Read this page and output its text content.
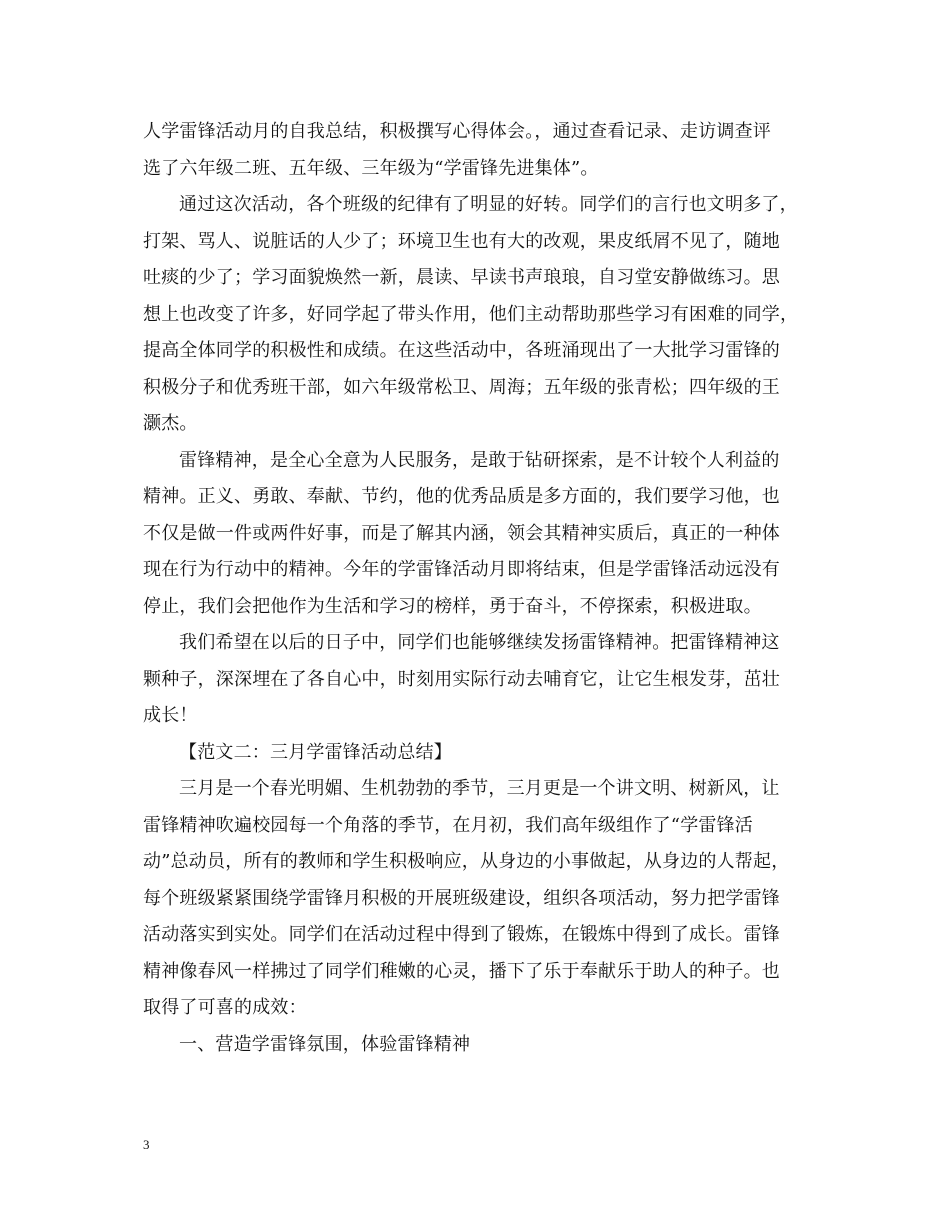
人学雷锋活动月的自我总结，积极撰写心得体会。，通过查看记录、走访调查评
选了六年级二班、五年级、三年级为“学雷锋先进集体”。
通过这次活动，各个班级的纪律有了明显的好转。同学们的言行也文明多了，
打架、骂人、说脏话的人少了；环境卫生也有大的改观，果皮纸屑不见了，随地
吐痰的少了；学习面貌焕然一新，晨读、早读书声琅琅，自习堂安静做练习。思
想上也改变了许多，好同学起了带头作用，他们主动帮助那些学习有困难的同学，
提高全体同学的积极性和成绩。在这些活动中，各班涌现出了一大批学习雷锋的
积极分子和优秀班干部，如六年级常松卫、周海；五年级的张青松；四年级的王
灏杰。
雷锋精神，是全心全意为人民服务，是敢于钻研探索，是不计较个人利益的
精神。正义、勇敢、奉献、节约，他的优秀品质是多方面的，我们要学习他，也
不仅是做一件或两件好事，而是了解其内涵，领会其精神实质后，真正的一种体
现在行为行动中的精神。今年的学雷锋活动月即将结束，但是学雷锋活动远没有
停止，我们会把他作为生活和学习的榜样，勇于奋斗，不停探索，积极进取。
我们希望在以后的日子中，同学们也能够继续发扬雷锋精神。把雷锋精神这
颗种子，深深埋在了各自心中，时刻用实际行动去哺育它，让它生根发芽，茁壮
成长！
【范文二：三月学雷锋活动总结】
三月是一个春光明媚、生机勃勃的季节，三月更是一个讲文明、树新风，让
雷锋精神吹遍校园每一个角落的季节，在月初，我们高年级组作了“学雷锋活
动”总动员，所有的教师和学生积极响应，从身边的小事做起，从身边的人帮起，
每个班级紧紧围绕学雷锋月积极的开展班级建设，组织各项活动，努力把学雷锋
活动落实到实处。同学们在活动过程中得到了锻炼，在锻炼中得到了成长。雷锋
精神像春风一样拂过了同学们稚嫩的心灵，播下了乐于奉献乐于助人的种子。也
取得了可喜的成效：
一、营造学雷锋氛围，体验雷锋精神
3
